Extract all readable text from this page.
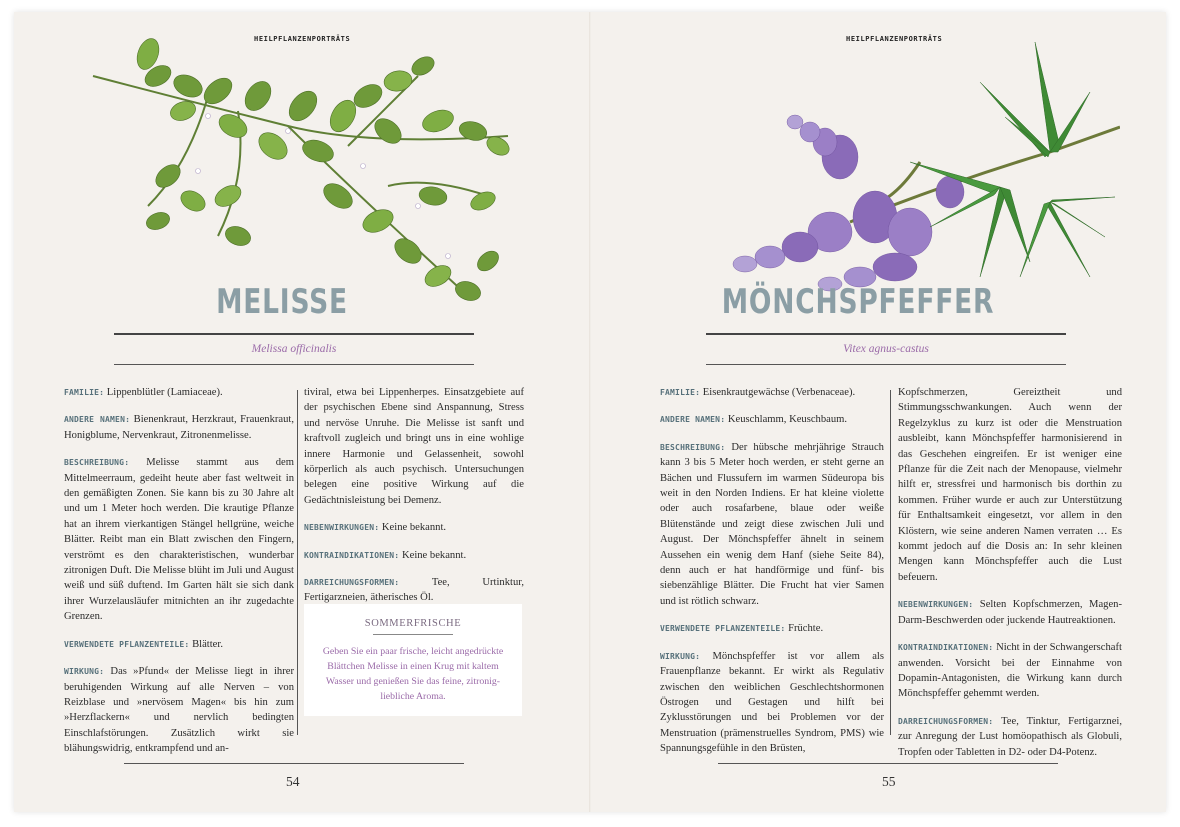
HEILPFLANZENPORTRÄTS
MELISSE
Melissa officinalis

FAMILIE: Lippenblütler (Lamiaceae).

ANDERE NAMEN: Bienenkraut, Herzkraut, Frauenkraut, Honigblume, Nervenkraut, Zitronenmelisse.

BESCHREIBUNG: Melisse stammt aus dem Mittelmeerraum, gedeiht heute aber fast weltweit in den gemäßigten Zonen. Sie kann bis zu 30 Jahre alt und um 1 Meter hoch werden. Die krautige Pflanze hat an ihrem vierkantigen Stängel hellgrüne, weiche Blätter. Reibt man ein Blatt zwischen den Fingern, verströmt es den charakteristischen, wunderbar zitronigen Duft. Die Melisse blüht im Juli und August weiß und süß duftend. Im Garten hält sie sich dank ihrer Wurzelausläufer mitnichten an ihr zugedachte Grenzen.

VERWENDETE PFLANZENTEILE: Blätter.

WIRKUNG: Das »Pfund« der Melisse liegt in ihrer beruhigenden Wirkung auf alle Nerven – von Reizblase und »nervösem Magen« bis hin zum »Herzflackern« und nervlich bedingten Einschlafstörungen. Zusätzlich wirkt sie blähungswidrig, entkrampfend und an-

tiviral, etwa bei Lippenherpes. Einsatzgebiete auf der psychischen Ebene sind Anspannung, Stress und nervöse Unruhe. Die Melisse ist sanft und kraftvoll zugleich und bringt uns in eine wohlige innere Harmonie und Gelassenheit, sowohl körperlich als auch psychisch. Untersuchungen belegen eine positive Wirkung auf die Gedächtnisleistung bei Demenz.

NEBENWIRKUNGEN: Keine bekannt.

KONTRAINDIKATIONEN: Keine bekannt.

DARREICHUNGSFORMEN:	Tee, Urtinktur, Fertigarzneien, ätherisches Öl.

SOMMERFRISCHE
Geben Sie ein paar frische, leicht angedrückte Blättchen Melisse in einen Krug mit kaltem Wasser und genießen Sie das feine, zitronig-liebliche Aroma.
54
HEILPFLANZENPORTRÄTS
MÖNCHSPFEFFER
Vitex agnus-castus

FAMILIE: Eisenkrautgewächse (Verbenaceae).

ANDERE NAMEN: Keuschlamm, Keuschbaum.

BESCHREIBUNG: Der hübsche mehrjährige Strauch kann 3 bis 5 Meter hoch werden, er steht gerne an Bächen und Flussufern im warmen Südeuropa bis weit in den Norden Indiens. Er hat kleine violette oder auch rosafarbene, blaue oder weiße Blütenstände und zeigt diese zwischen Juli und August. Der Mönchspfeffer ähnelt in seinem Aussehen ein wenig dem Hanf (siehe Seite 84), denn auch er hat handförmige und fünf- bis siebenzählige Blätter. Die Frucht hat vier Samen und ist rötlich schwarz.

VERWENDETE PFLANZENTEILE: Früchte.

WIRKUNG: Mönchspfeffer ist vor allem als Frauenpflanze bekannt. Er wirkt als Regulativ zwischen den weiblichen Geschlechtshormonen Östrogen und Gestagen und hilft bei Zyklusstörungen und bei Problemen vor der Menstruation (prämenstruelles Syndrom, PMS) wie Spannungsgefühle in den Brüsten,

Kopfschmerzen, Gereiztheit und Stimmungsschwankungen. Auch wenn der Regelzyklus zu kurz ist oder die Menstruation ausbleibt, kann Mönchspfeffer harmonisierend in das Geschehen eingreifen. Er ist weniger eine Pflanze für die Zeit nach der Menopause, vielmehr hilft er, stressfrei und harmonisch bis dorthin zu kommen. Früher wurde er auch zur Unterstützung für Enthaltsamkeit eingesetzt, vor allem in den Klöstern, wie seine anderen Namen verraten … Es kommt jedoch auf die Dosis an: In sehr kleinen Mengen kann Mönchspfeffer auch die Lust befeuern.

NEBENWIRKUNGEN: Selten Kopfschmerzen, Magen-Darm-Beschwerden oder juckende Hautreaktionen.

KONTRAINDIKATIONEN: Nicht in der Schwangerschaft anwenden. Vorsicht bei der Einnahme von Dopamin-Antagonisten, die Wirkung kann durch Mönchspfeffer gehemmt werden.

DARREICHUNGSFORMEN: Tee, Tinktur, Fertigarznei, zur Anregung der Lust homöopathisch als Globuli, Tropfen oder Tabletten in D2- oder D4-Potenz.

55
